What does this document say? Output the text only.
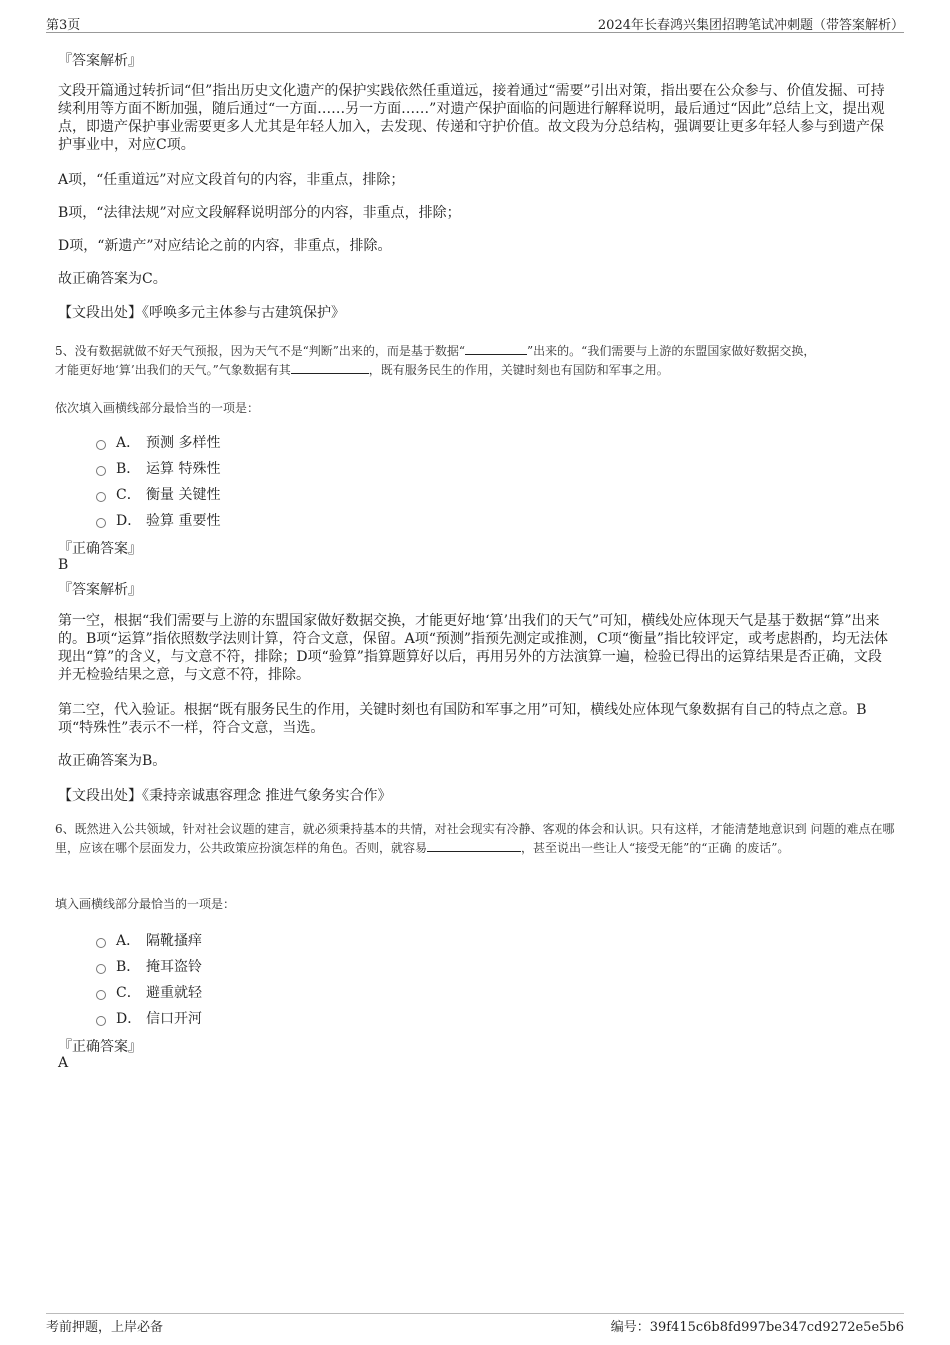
第3页	2024年长春鸿兴集团招聘笔试冲刺题（带答案解析）
『答案解析』
文段开篇通过转折词“但”指出历史文化遗产的保护实践依然任重道远，接着通过“需要”引出对策，指出要在公众参与、价值发掘、可持续利用等方面不断加强，随后通过“一方面……另一方面……”对遗产保护面临的问题进行解释说明，最后通过“因此”总结上文，提出观点，即遗产保护事业需要更多人尤其是年轻人加入，去发现、传递和守护价值。故文段为分总结构，强调要让更多年轻人参与到遗产保护事业中，对应C项。
A项，“任重道远”对应文段首句的内容，非重点，排除；
B项，“法律法规”对应文段解释说明部分的内容，非重点，排除；
D项，“新遗产”对应结论之前的内容，非重点，排除。
故正确答案为C。
【文段出处】《呼唤多元主体参与古建筑保护》
5、没有数据就做不好天气预报，因为天气不是“判断”出来的，而是基于数据“	”出来的。“我们需要与上游的东盟国家做好数据交换，
才能更好地‘算’出我们的天气。”气象数据有其	，既有服务民生的作用，关键时刻也有国防和军事之用。
依次填入画横线部分最恰当的一项是：
A． 预测 多样性
B． 运算 特殊性
C． 衡量 关键性
D． 验算 重要性
『正确答案』
B
『答案解析』
第一空，根据“我们需要与上游的东盟国家做好数据交换，才能更好地‘算’出我们的天气”可知，横线处应体现天气是基于数据“算”出来的。B项“运算”指依照数学法则计算，符合文意，保留。A项“预测”指预先测定或推测，C项“衡量”指比较评定，或考虑斟酌，均无法体现出“算”的含义，与文意不符，排除；D项“验算”指算题算好以后，再用另外的方法演算一遍，检验已得出的运算结果是否正确，文段并无检验结果之意，与文意不符，排除。
第二空，代入验证。根据“既有服务民生的作用，关键时刻也有国防和军事之用”可知，横线处应体现气象数据有自己的特点之意。B项“特殊性”表示不一样，符合文意，当选。
故正确答案为B。
【文段出处】《秉持亲诚惠容理念 推进气象务实合作》
6、既然进入公共领域，针对社会议题的建言，就必须秉持基本的共情，对社会现实有冷静、客观的体会和认识。只有这样，才能清楚地意识到 问题的难点在哪里，应该在哪个层面发力，公共政策应扮演怎样的角色。否则，就容易	，甚至说出一些让人“接受无能”的“正确 的废话”。
填入画横线部分最恰当的一项是：
A． 隔靴搔痒
B． 掩耳盗铃
C． 避重就轻
D． 信口开河
『正确答案』
A
考前押题，上岸必备	编号：39f415c6b8fd997be347cd9272e5e5b6
